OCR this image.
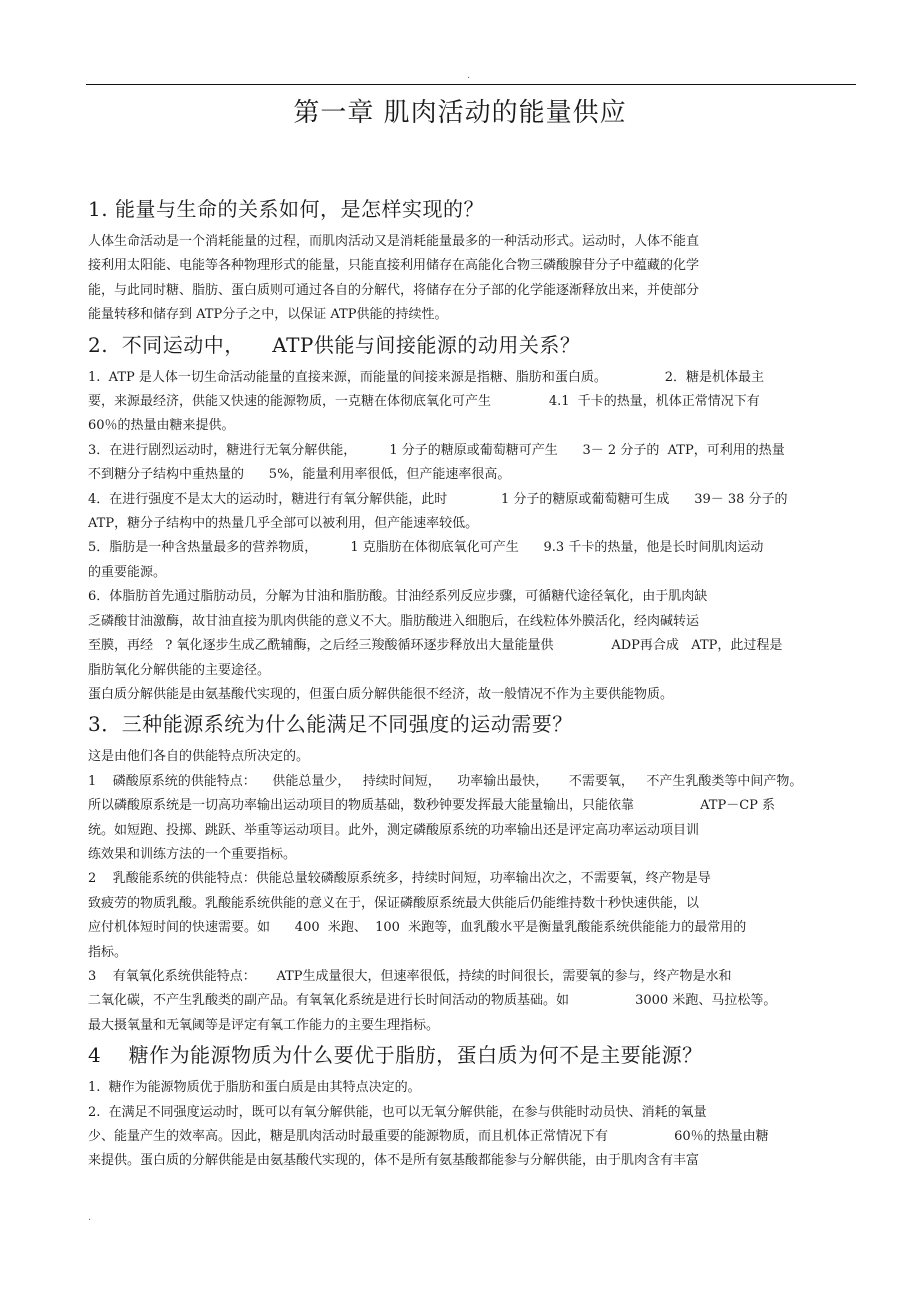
.
第一章 肌肉活动的能量供应
1. 能量与生命的关系如何，是怎样实现的？
人体生命活动是一个消耗能量的过程，而肌肉活动又是消耗能量最多的一种活动形式。运动时，人体不能直
接利用太阳能、电能等各种物理形式的能量，只能直接利用储存在高能化合物三磷酸腺苷分子中蕴藏的化学
能，与此同时糖、脂肪、蛋白质则可通过各自的分解代，将储存在分子部的化学能逐渐释放出来，并使部分
能量转移和储存到 ATP分子之中，以保证 ATP供能的持续性。
2.  不同运动中，    ATP供能与间接能源的动用关系？
1.  ATP 是人体一切生命活动能量的直接来源，而能量的间接来源是指糖、脂肪和蛋白质。              2．糖是机体最主
要，来源最经济，供能又快速的能源物质，一克糖在体彻底氧化可产生              4.1  千卡的热量，机体正常情况下有
60％的热量由糖来提供。
3．在进行剧烈运动时，糖进行无氧分解供能，        1 分子的糖原或葡萄糖可产生      3－ 2 分子的  ATP，可利用的热量
不到糖分子结构中重热量的      5%，能量利用率很低，但产能速率很高。
4．在进行强度不是太大的运动时，糖进行有氧分解供能，此时             1 分子的糖原或葡萄糖可生成      39－ 38 分子的
ATP，糖分子结构中的热量几乎全部可以被利用，但产能速率较低。
5．脂肪是一种含热量最多的营养物质，        1 克脂肪在体彻底氧化可产生      9.3 千卡的热量，他是长时间肌肉运动
的重要能源。
6．体脂肪首先通过脂肪动员，分解为甘油和脂肪酸。甘油经系列反应步骤，可循糖代途径氧化，由于肌肉缺
乏磷酸甘油激酶，故甘油直接为肌肉供能的意义不大。脂肪酸进入细胞后，在线粒体外膜活化，经肉碱转运
至膜，再经   ? 氧化逐步生成乙酰辅酶，之后经三羧酸循环逐步释放出大量能量供              ADP再合成   ATP，此过程是
脂肪氧化分解供能的主要途径。
蛋白质分解供能是由氨基酸代实现的，但蛋白质分解供能很不经济，故一般情况不作为主要供能物质。
3．三种能源系统为什么能满足不同强度的运动需要？
这是由他们各自的供能特点所决定的。
1    磷酸原系统的供能特点：    供能总量少，   持续时间短，    功率输出最快，     不需要氧，   不产生乳酸类等中间产物。
所以磷酸原系统是一切高功率输出运动项目的物质基础，数秒钟要发挥最大能量输出，只能依靠                ATP－CP 系
统。如短跑、投掷、跳跃、举重等运动项目。此外，测定磷酸原系统的功率输出还是评定高功率运动项目训
练效果和训练方法的一个重要指标。
2    乳酸能系统的供能特点：供能总量较磷酸原系统多，持续时间短，功率输出次之，不需要氧，终产物是导
致疲劳的物质乳酸。乳酸能系统供能的意义在于，保证磷酸原系统最大供能后仍能维持数十秒快速供能，以
应付机体短时间的快速需要。如      400  米跑、  100  米跑等，血乳酸水平是衡量乳酸能系统供能能力的最常用的
指标。
3    有氧氧化系统供能特点：     ATP生成量很大，但速率很低，持续的时间很长，需要氧的参与，终产物是水和
二氧化碳，不产生乳酸类的副产品。有氧氧化系统是进行长时间活动的物质基础。如                3000 米跑、马拉松等。
最大摄氧量和无氧阈等是评定有氧工作能力的主要生理指标。
4    糖作为能源物质为什么要优于脂肪，蛋白质为何不是主要能源？
1.  糖作为能源物质优于脂肪和蛋白质是由其特点决定的。
2.  在满足不同强度运动时，既可以有氧分解供能，也可以无氧分解供能，在参与供能时动员快、消耗的氧量
少、能量产生的效率高。因此，糖是肌肉活动时最重要的能源物质，而且机体正常情况下有                60％的热量由糖
来提供。蛋白质的分解供能是由氨基酸代实现的，体不是所有氨基酸都能参与分解供能，由于肌肉含有丰富
.
